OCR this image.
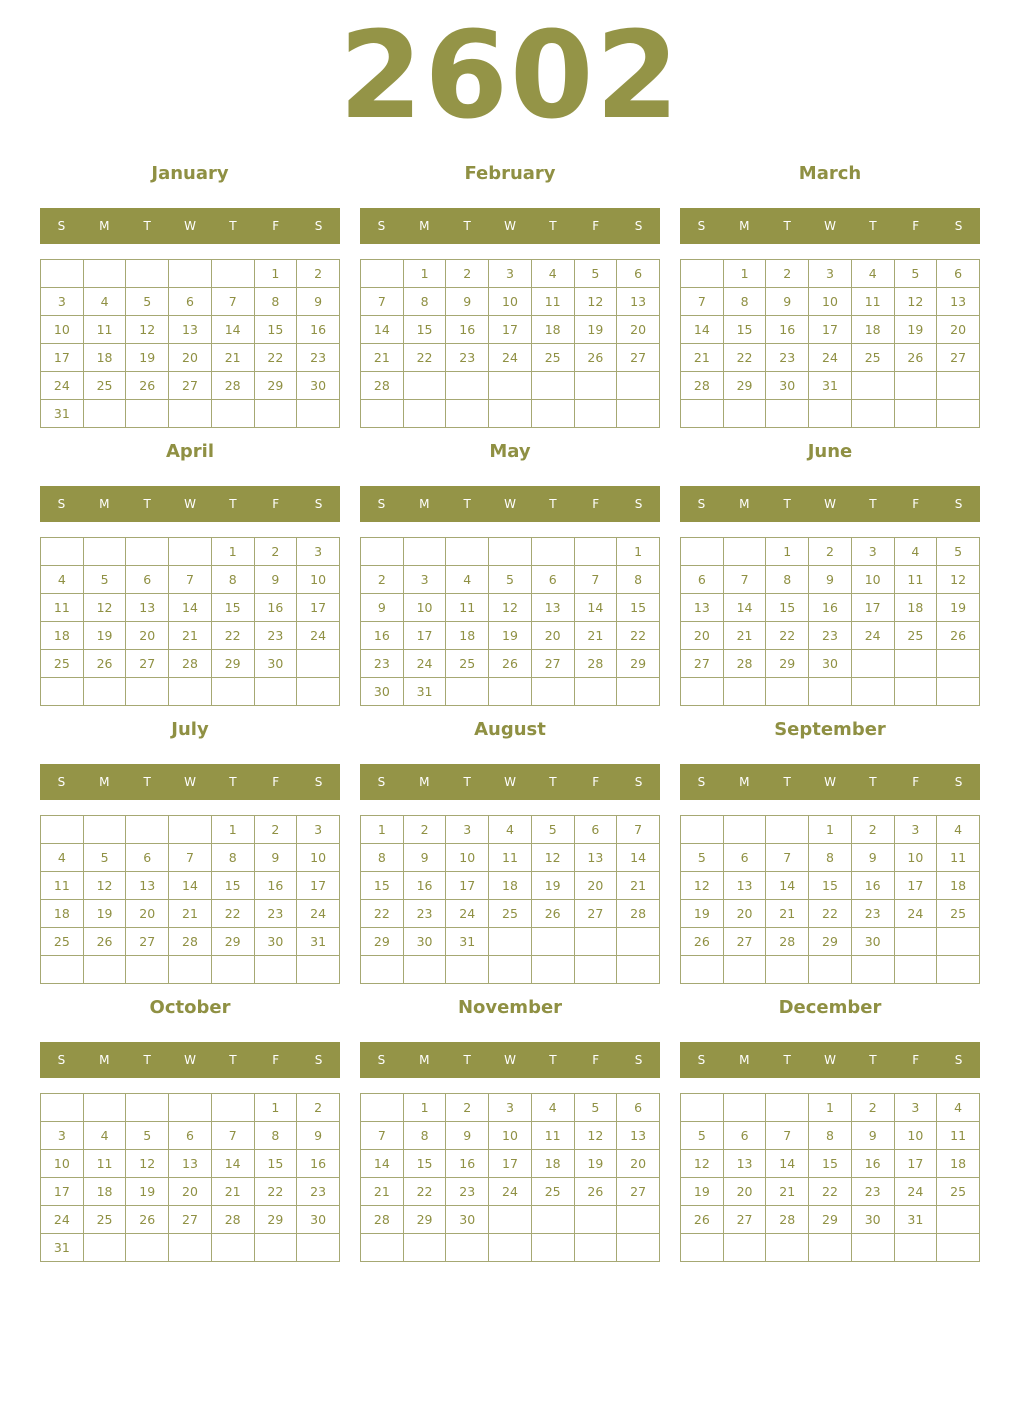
2602
January
S	M	T	W	T	F	S
					1	2
3	4	5	6	7	8	9
10	11	12	13	14	15	16
17	18	19	20	21	22	23
24	25	26	27	28	29	30
31						
February
S	M	T	W	T	F	S
	1	2	3	4	5	6
7	8	9	10	11	12	13
14	15	16	17	18	19	20
21	22	23	24	25	26	27
28						

March
S	M	T	W	T	F	S
	1	2	3	4	5	6
7	8	9	10	11	12	13
14	15	16	17	18	19	20
21	22	23	24	25	26	27
28	29	30	31			

April
S	M	T	W	T	F	S
				1	2	3
4	5	6	7	8	9	10
11	12	13	14	15	16	17
18	19	20	21	22	23	24
25	26	27	28	29	30	

May
S	M	T	W	T	F	S
						1
2	3	4	5	6	7	8
9	10	11	12	13	14	15
16	17	18	19	20	21	22
23	24	25	26	27	28	29
30	31					
June
S	M	T	W	T	F	S
		1	2	3	4	5
6	7	8	9	10	11	12
13	14	15	16	17	18	19
20	21	22	23	24	25	26
27	28	29	30			

July
S	M	T	W	T	F	S
				1	2	3
4	5	6	7	8	9	10
11	12	13	14	15	16	17
18	19	20	21	22	23	24
25	26	27	28	29	30	31

August
S	M	T	W	T	F	S
1	2	3	4	5	6	7
8	9	10	11	12	13	14
15	16	17	18	19	20	21
22	23	24	25	26	27	28
29	30	31				

September
S	M	T	W	T	F	S
			1	2	3	4
5	6	7	8	9	10	11
12	13	14	15	16	17	18
19	20	21	22	23	24	25
26	27	28	29	30		

October
S	M	T	W	T	F	S
					1	2
3	4	5	6	7	8	9
10	11	12	13	14	15	16
17	18	19	20	21	22	23
24	25	26	27	28	29	30
31						
November
S	M	T	W	T	F	S
	1	2	3	4	5	6
7	8	9	10	11	12	13
14	15	16	17	18	19	20
21	22	23	24	25	26	27
28	29	30				

December
S	M	T	W	T	F	S
			1	2	3	4
5	6	7	8	9	10	11
12	13	14	15	16	17	18
19	20	21	22	23	24	25
26	27	28	29	30	31	
